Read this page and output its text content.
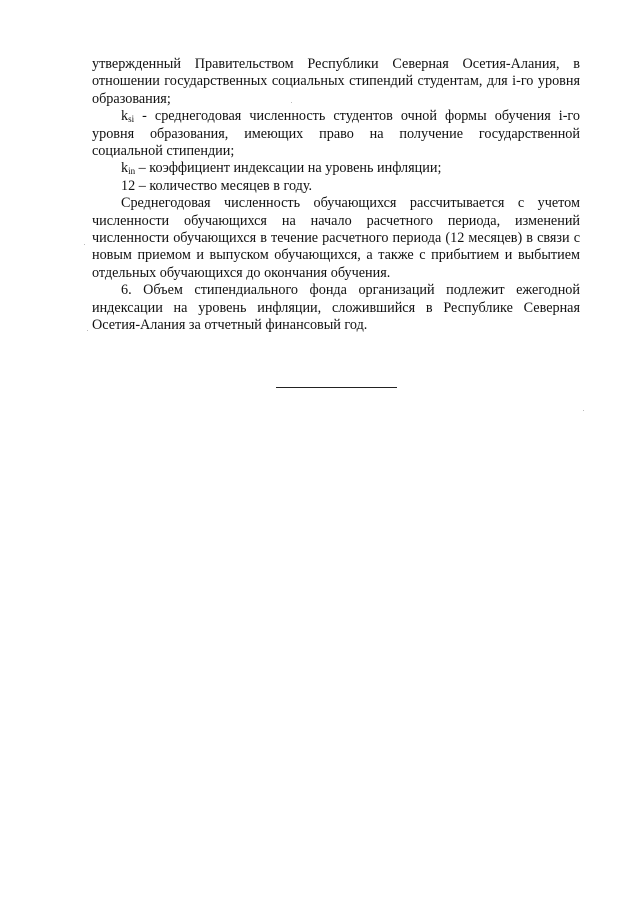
утвержденный Правительством Республики Северная Осетия-Алания, в отношении государственных социальных стипендий студентам, для i-го уровня образования;

$k_{si}$ - среднегодовая численность студентов очной формы обучения i-го уровня образования, имеющих право на получение государственной социальной стипендии;

$k_{in}$ – коэффициент индексации на уровень инфляции;

12 – количество месяцев в году.

Среднегодовая численность обучающихся рассчитывается с учетом численности обучающихся на начало расчетного периода, изменений численности обучающихся в течение расчетного периода (12 месяцев) в связи с новым приемом и выпуском обучающихся, а также с прибытием и выбытием отдельных обучающихся до окончания обучения.

6. Объем стипендиального фонда организаций подлежит ежегодной индексации на уровень инфляции, сложившийся в Республике Северная Осетия-Алания за отчетный финансовый год.
